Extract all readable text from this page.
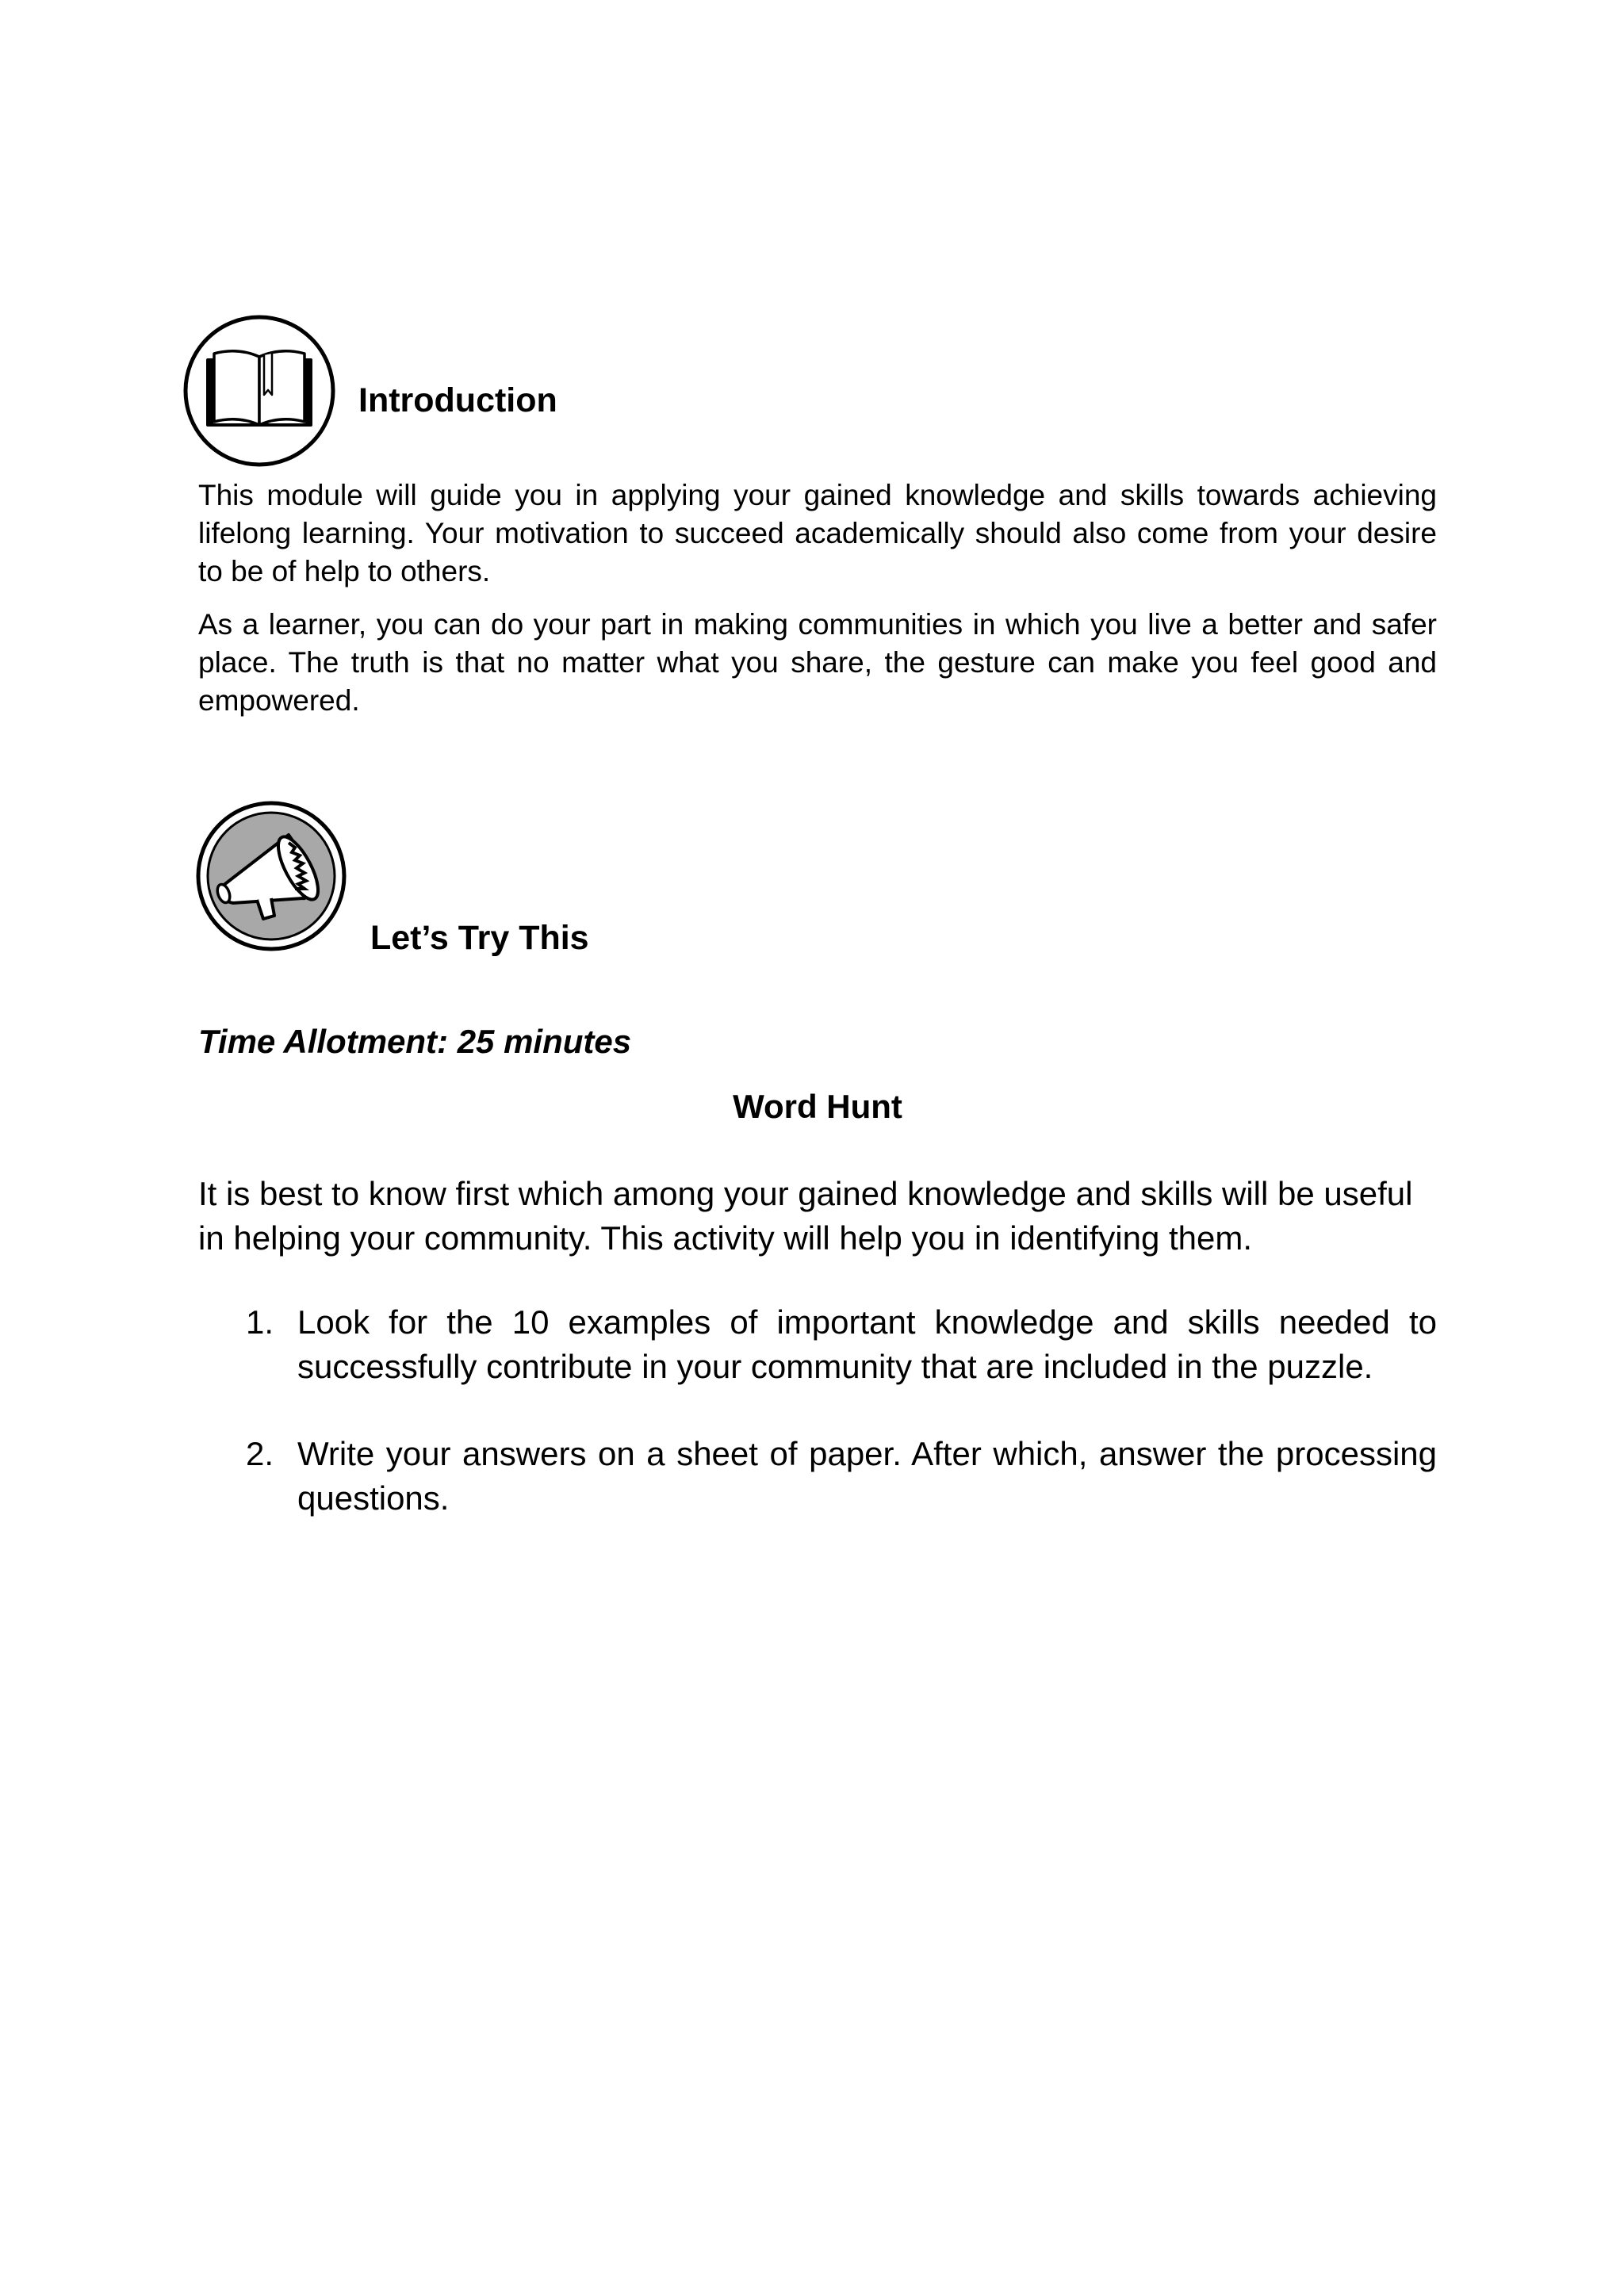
Introduction
This module will guide you in applying your gained knowledge and skills towards achieving lifelong learning. Your motivation to succeed academically should also come from your desire to be of help to others.
As a learner, you can do your part in making communities in which you live a better and safer place. The truth is that no matter what you share, the gesture can make you feel good and empowered.
Let’s Try This
Time Allotment: 25 minutes
Word Hunt
It is best to know first which among your gained knowledge and skills will be useful in helping your community. This activity will help you in identifying them.
1. Look for the 10 examples of important knowledge and skills needed to successfully contribute in your community that are included in the puzzle.
2. Write your answers on a sheet of paper. After which, answer the processing questions.
